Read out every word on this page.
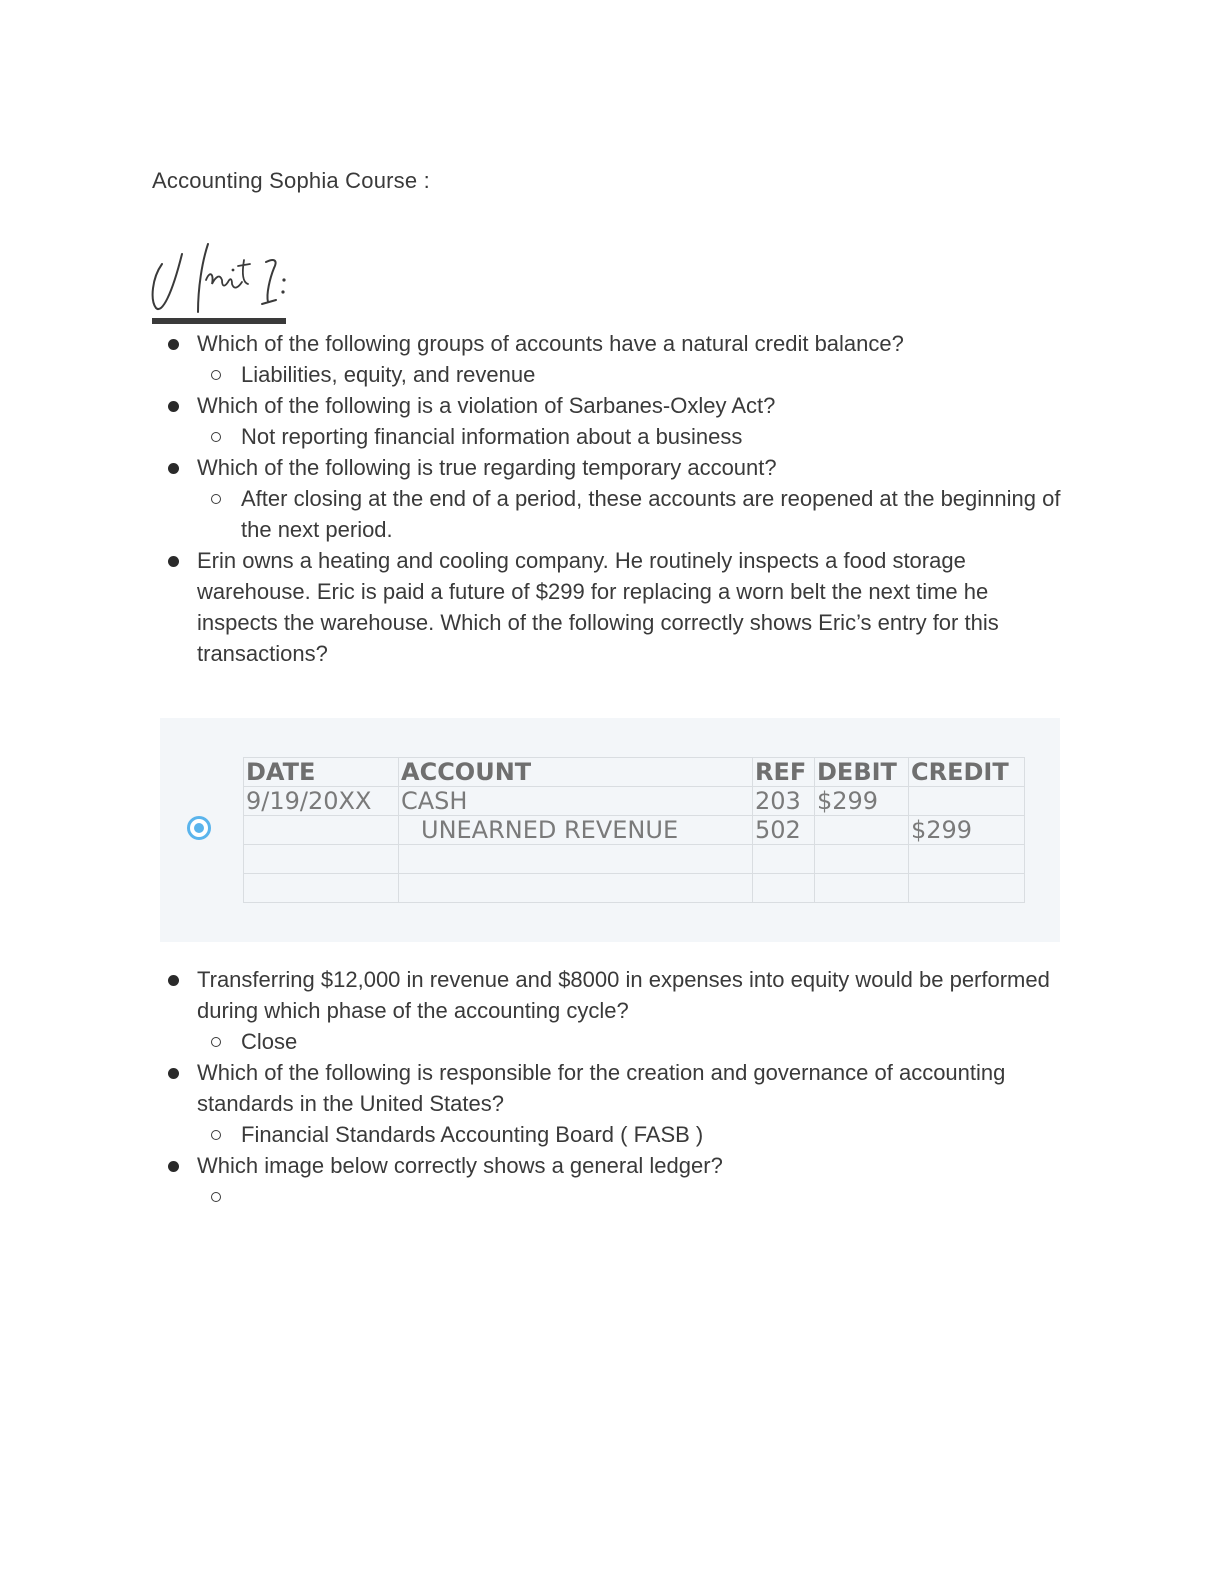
Accounting Sophia Course :
Which of the following groups of accounts have a natural credit balance?
Liabilities, equity, and revenue
Which of the following is a violation of Sarbanes-Oxley Act?
Not reporting financial information about a business
Which of the following is true regarding temporary account?
After closing at the end of a period, these accounts are reopened at the beginning of the next period.
Erin owns a heating and cooling company. He routinely inspects a food storage warehouse. Eric is paid a future of $299 for replacing a worn belt the next time he inspects the warehouse. Which of the following correctly shows Eric’s entry for this transactions?
DATE	ACCOUNT	REF	DEBIT	CREDIT
9/19/20XX	CASH	203	$299	
	UNEARNED REVENUE	502		$299

Transferring $12,000 in revenue and $8000 in expenses into equity would be performed during which phase of the accounting cycle?
Close
Which of the following is responsible for the creation and governance of accounting standards in the United States?
Financial Standards Accounting Board ( FASB )
Which image below correctly shows a general ledger?
